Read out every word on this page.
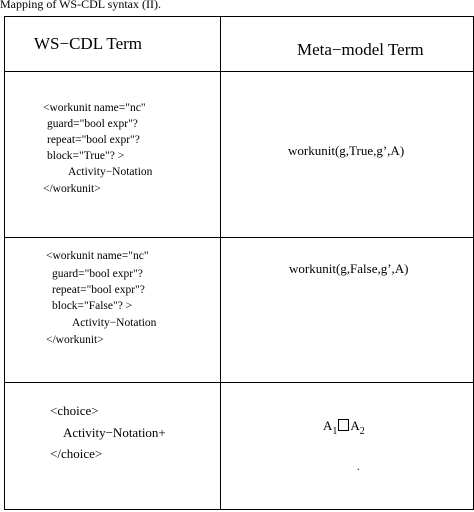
Mapping of WS-CDL syntax (II).
WS−CDL Term	Meta−model Term
<workunit name="nc"
guard="bool expr"?
repeat="bool expr"?
block="True"? >
Activity−Notation
</workunit>
workunit(g,True,g’,A)
<workunit name="nc"
guard="bool expr"?
repeat="bool expr"?
block="False"? >
Activity−Notation
</workunit>
workunit(g,False,g’,A)
<choice>
Activity−Notation+
</choice>
$A_1$ $A_2$
.
